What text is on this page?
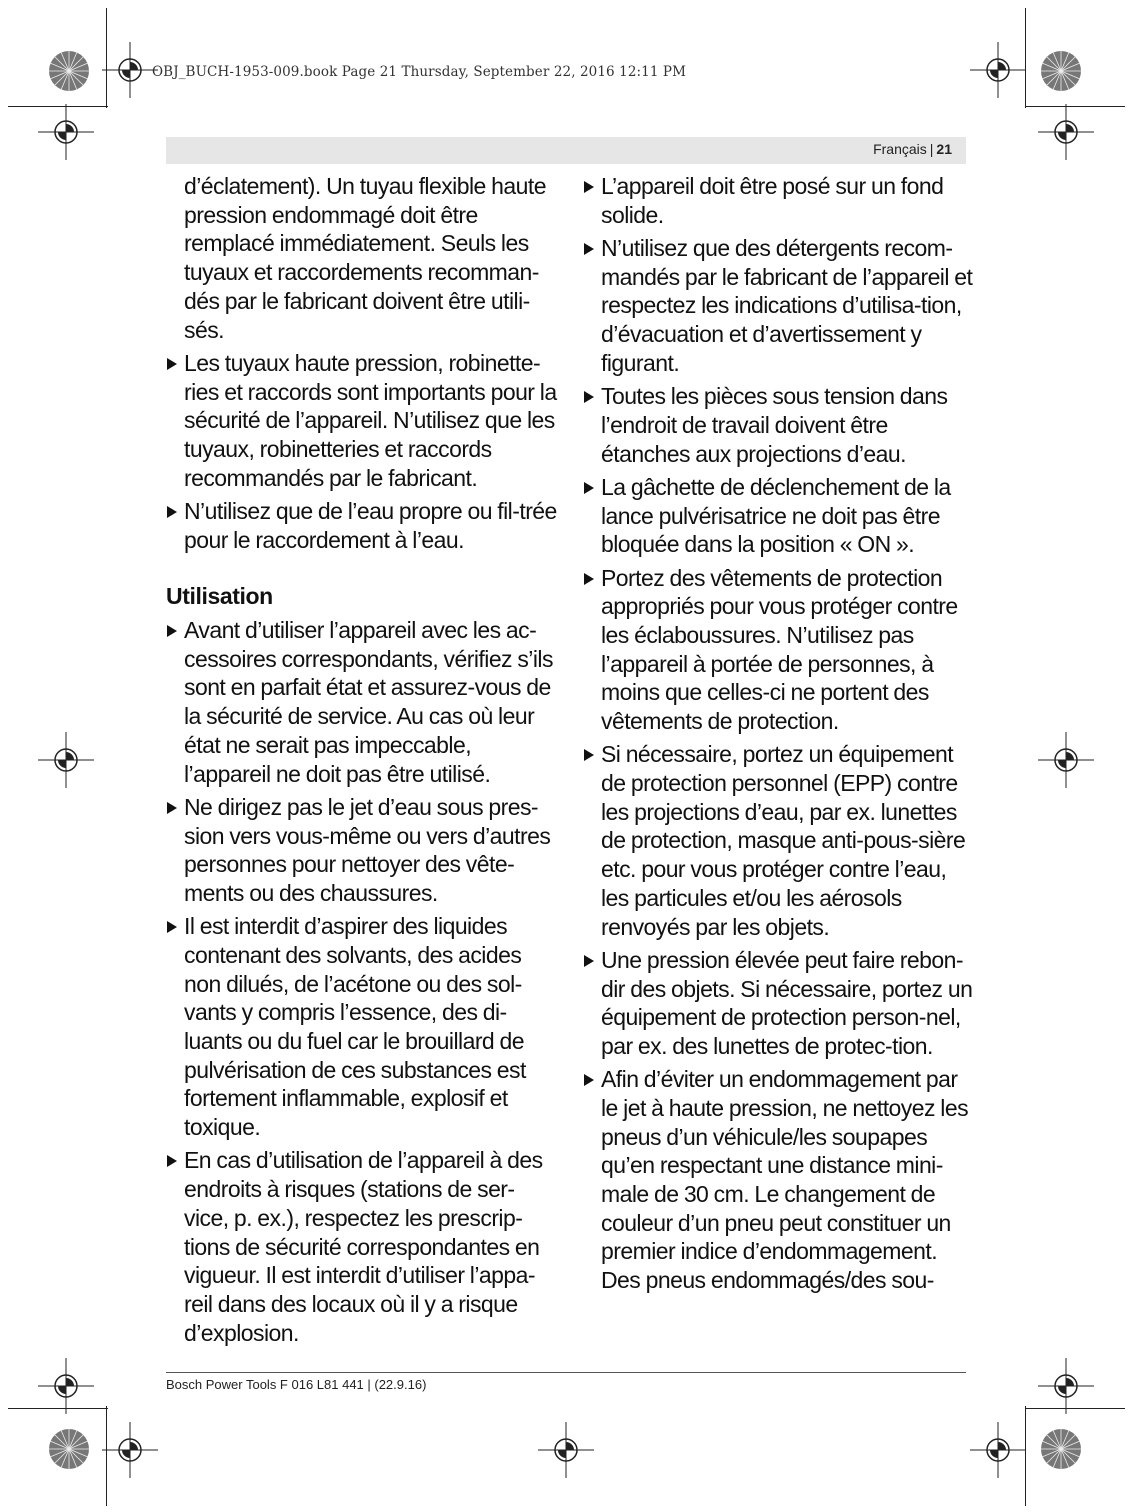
OBJ_BUCH-1953-009.book Page 21 Thursday, September 22, 2016 12:11 PM
Français | 21

d’éclatement). Un tuyau flexible haute pression endommagé doit être remplacé immédiatement. Seuls les tuyaux et raccordements recomman-dés par le fabricant doivent être utili-sés.

Les tuyaux haute pression, robinette-ries et raccords sont importants pour la sécurité de l’appareil. N’utilisez que les tuyaux, robinetteries et raccords recommandés par le fabricant.

N’utilisez que de l’eau propre ou fil-trée pour le raccordement à l’eau.

Utilisation

Avant d’utiliser l’appareil avec les ac-cessoires correspondants, vérifiez s’ils sont en parfait état et assurez-vous de la sécurité de service. Au cas où leur état ne serait pas impeccable, l’appareil ne doit pas être utilisé.

Ne dirigez pas le jet d’eau sous pres-sion vers vous-même ou vers d’autres personnes pour nettoyer des vête-ments ou des chaussures.

Il est interdit d’aspirer des liquides contenant des solvants, des acides non dilués, de l’acétone ou des sol-vants y compris l’essence, des di-luants ou du fuel car le brouillard de pulvérisation de ces substances est fortement inflammable, explosif et toxique.

En cas d’utilisation de l’appareil à des endroits à risques (stations de ser-vice, p. ex.), respectez les prescrip-tions de sécurité correspondantes en vigueur. Il est interdit d’utiliser l’appa-reil dans des locaux où il y a risque d’explosion.

L’appareil doit être posé sur un fond solide.

N’utilisez que des détergents recom-mandés par le fabricant de l’appareil et respectez les indications d’utilisa-tion, d’évacuation et d’avertissement y figurant.

Toutes les pièces sous tension dans l’endroit de travail doivent être étanches aux projections d’eau.

La gâchette de déclenchement de la lance pulvérisatrice ne doit pas être bloquée dans la position « ON ».

Portez des vêtements de protection appropriés pour vous protéger contre les éclaboussures. N’utilisez pas l’appareil à portée de personnes, à moins que celles-ci ne portent des vêtements de protection.

Si nécessaire, portez un équipement de protection personnel (EPP) contre les projections d’eau, par ex. lunettes de protection, masque anti-pous-sière etc. pour vous protéger contre l’eau, les particules et/ou les aérosols renvoyés par les objets.

Une pression élevée peut faire rebon-dir des objets. Si nécessaire, portez un équipement de protection person-nel, par ex. des lunettes de protec-tion.

Afin d’éviter un endommagement par le jet à haute pression, ne nettoyez les pneus d’un véhicule/les soupapes qu’en respectant une distance mini-male de 30 cm. Le changement de couleur d’un pneu peut constituer un premier indice d’endommagement. Des pneus endommagés/des sou-

Bosch Power Tools F 016 L81 441 | (22.9.16)
